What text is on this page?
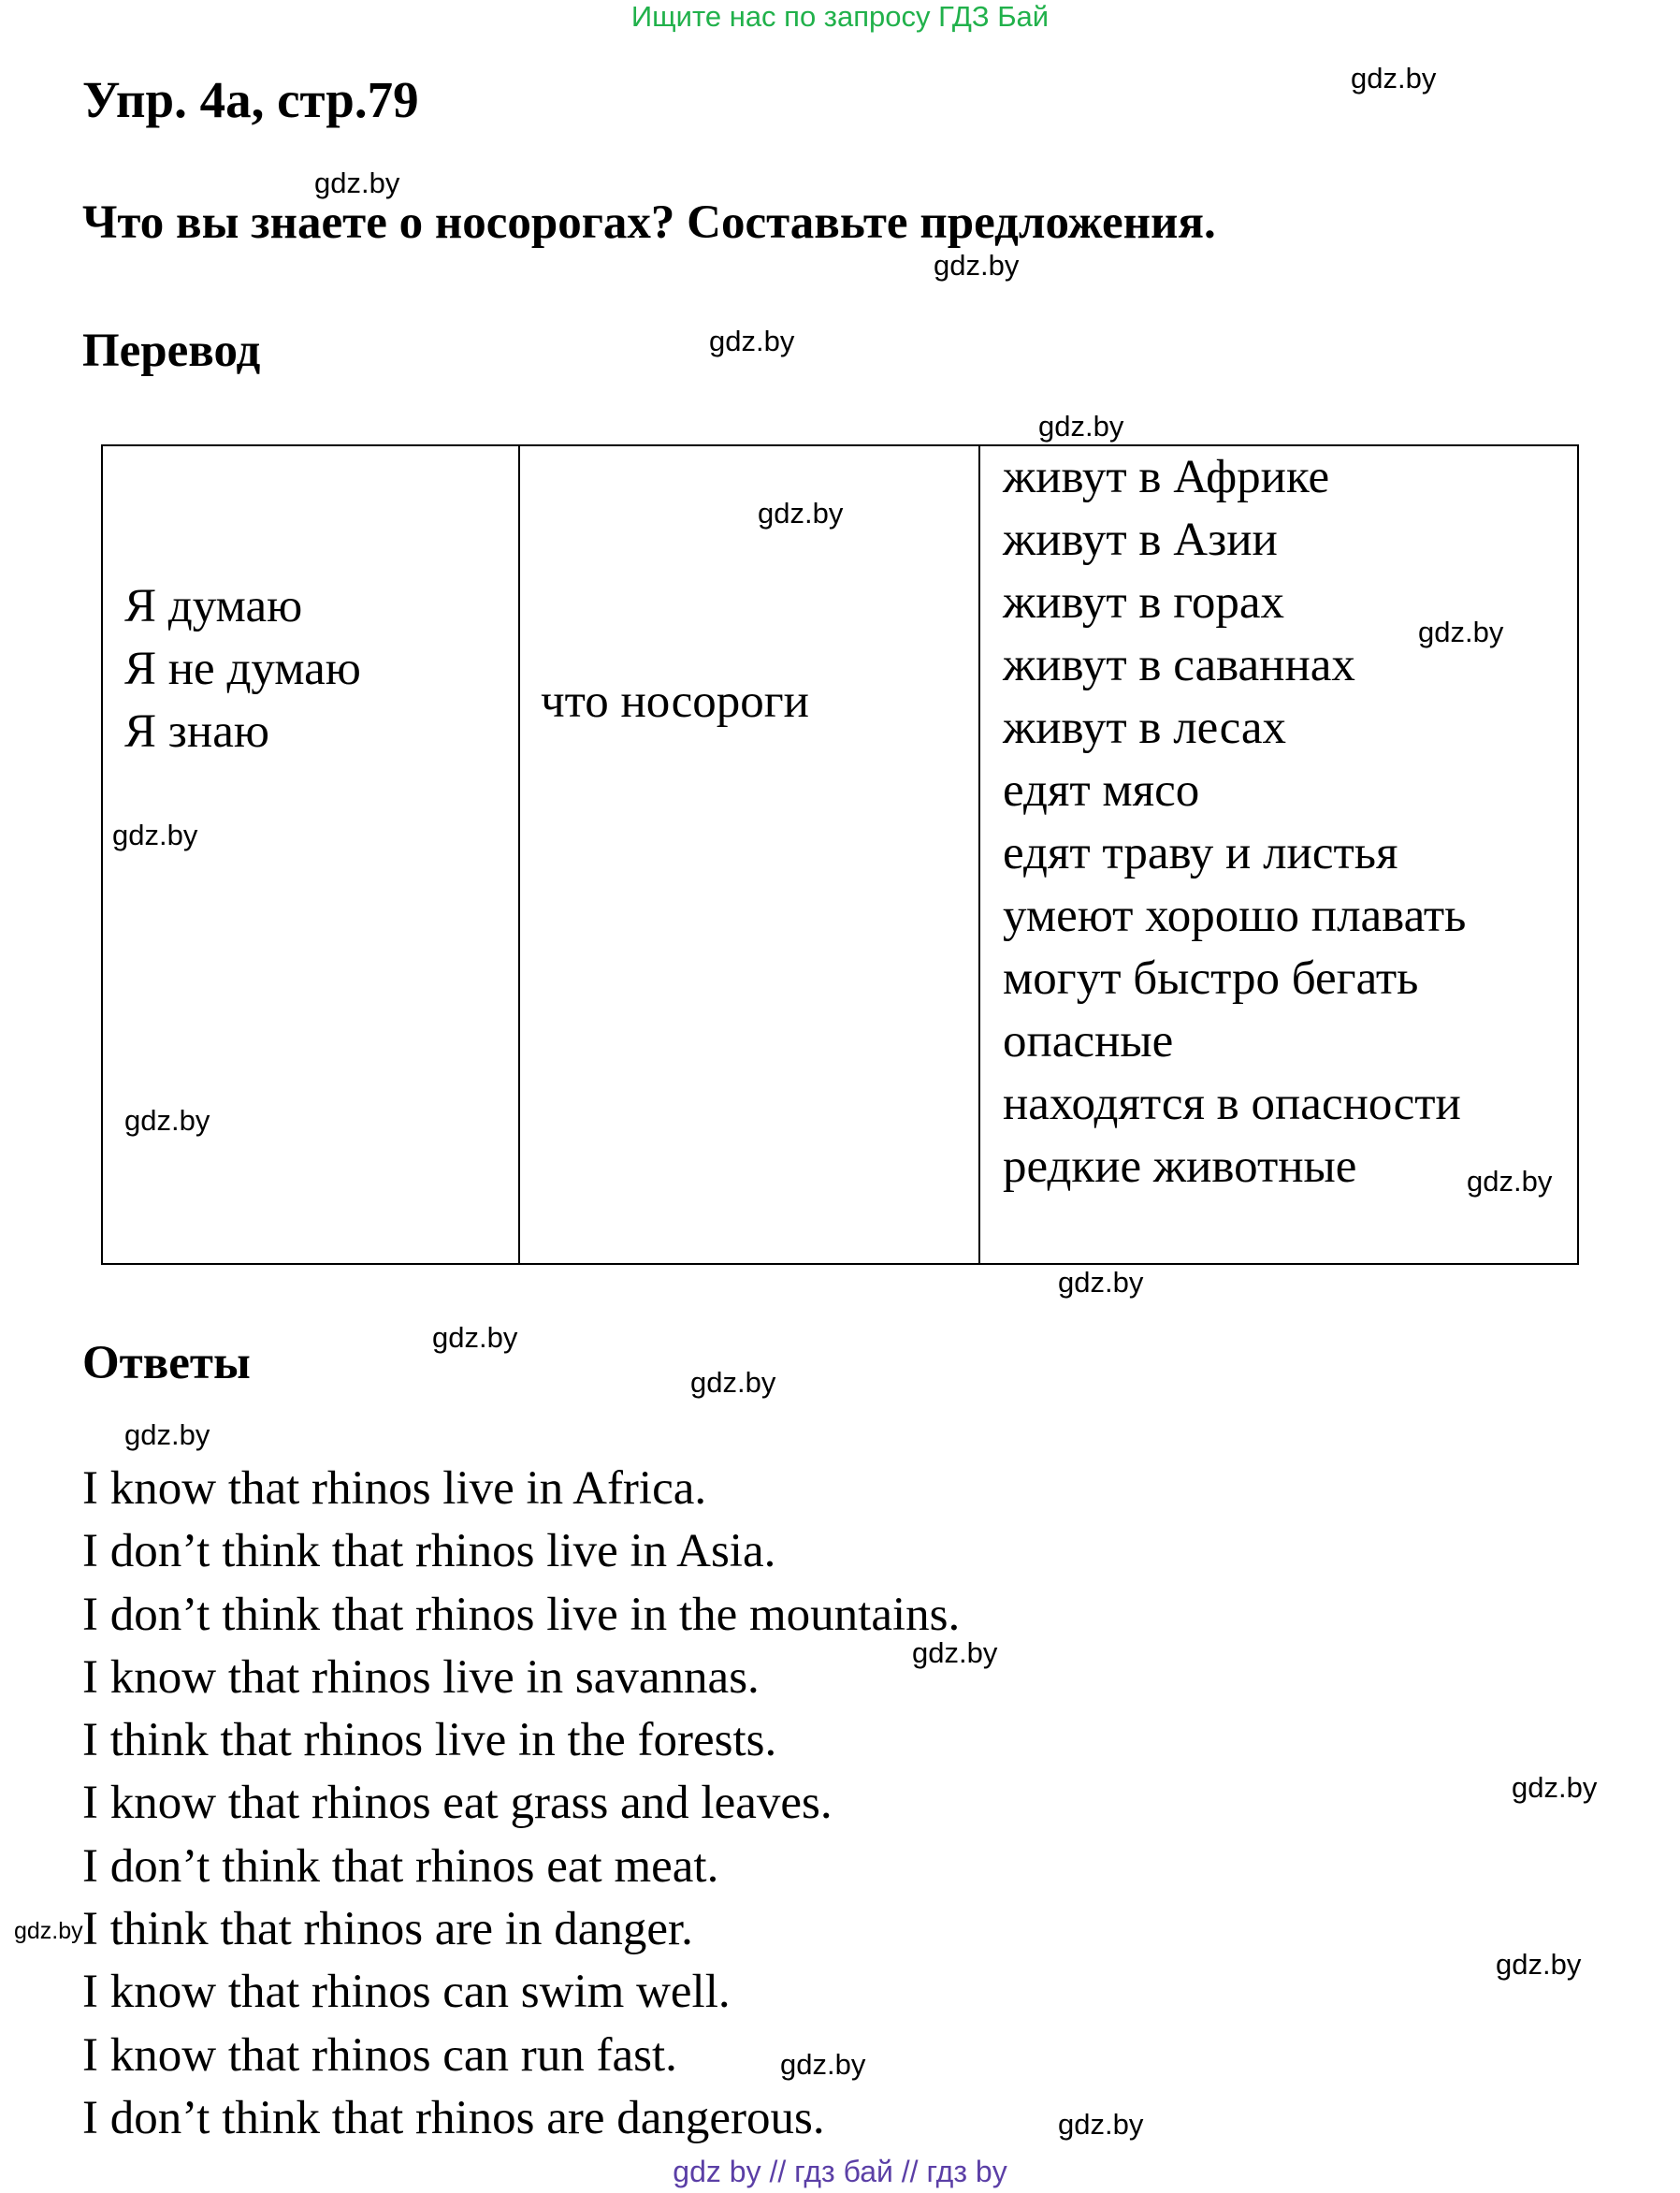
Ищите нас по запросу ГДЗ Бай
Упр. 4а, стр.79
Что вы знаете о носорогах? Составьте предложения.
Перевод
Я думаю
Я не думаю
Я знаю
что носороги
живут в Африке
живут в Азии
живут в горах
живут в саваннах
живут в лесах
едят мясо
едят траву и листья
умеют хорошо плавать
могут быстро бегать
опасные
находятся в опасности
редкие животные
Ответы
I know that rhinos live in Africa.
I don’t think that rhinos live in Asia.
I don’t think that rhinos live in the mountains.
I know that rhinos live in savannas.
I think that rhinos live in the forests.
I know that rhinos eat grass and leaves.
I don’t think that rhinos eat meat.
I think that rhinos are in danger.
I know that rhinos can swim well.
I know that rhinos can run fast.
I don’t think that rhinos are dangerous.
gdz.by
gdz.by
gdz.by
gdz.by
gdz.by
gdz.by
gdz.by
gdz.by
gdz.by
gdz.by
gdz.by
gdz.by
gdz.by
gdz.by
gdz.by
gdz.by
gdz.by
gdz.by
gdz.by
gdz.by
gdz by // гдз бай // гдз by
